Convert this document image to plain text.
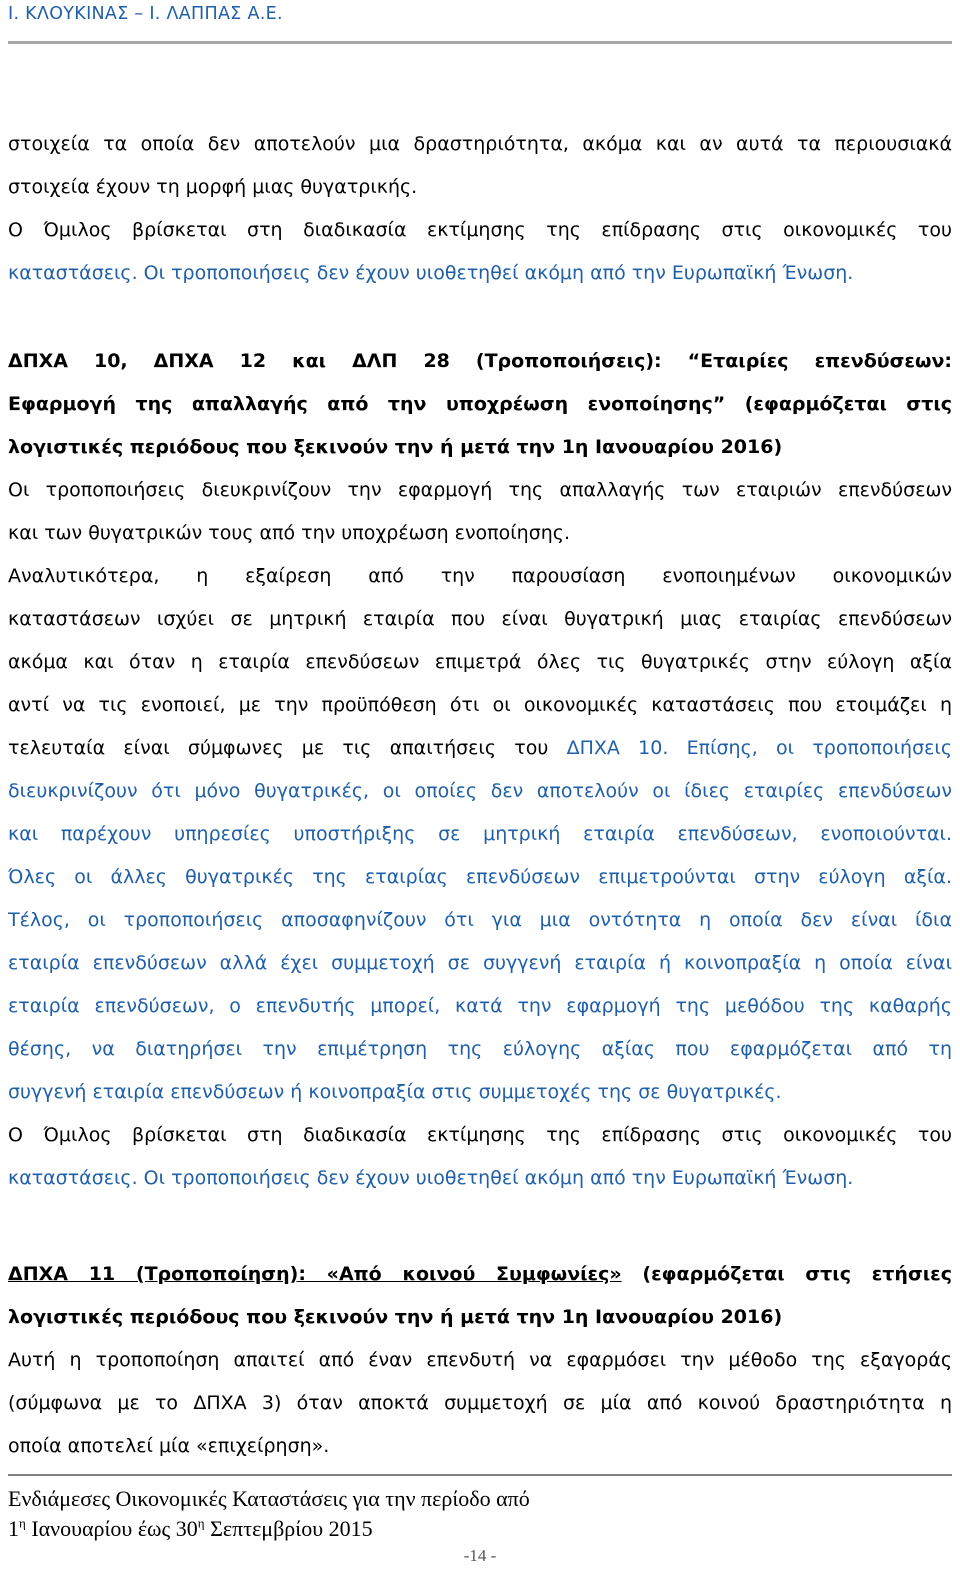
Ι. ΚΛΟΥΚΙΝΑΣ – Ι. ΛΑΠΠΑΣ Α.Ε.
στοιχεία τα οποία δεν αποτελούν μια δραστηριότητα, ακόμα και αν αυτά τα περιουσιακά
στοιχεία έχουν τη μορφή μιας θυγατρικής.
Ο Όμιλος βρίσκεται στη διαδικασία εκτίμησης της επίδρασης στις οικονομικές του
καταστάσεις. Οι τροποποιήσεις δεν έχουν υιοθετηθεί ακόμη από την Ευρωπαϊκή Ένωση.
ΔΠΧΑ 10, ΔΠΧΑ 12 και ΔΛΠ 28 (Τροποποιήσεις): “Εταιρίες επενδύσεων:
Εφαρμογή της απαλλαγής από την υποχρέωση ενοποίησης” (εφαρμόζεται στις
λογιστικές περιόδους που ξεκινούν την ή μετά την 1η Ιανουαρίου 2016)
Οι τροποποιήσεις διευκρινίζουν την εφαρμογή της απαλλαγής των εταιριών επενδύσεων
και των θυγατρικών τους από την υποχρέωση ενοποίησης.
Αναλυτικότερα, η εξαίρεση από την παρουσίαση ενοποιημένων οικονομικών
καταστάσεων ισχύει σε μητρική εταιρία που είναι θυγατρική μιας εταιρίας επενδύσεων
ακόμα και όταν η εταιρία επενδύσεων επιμετρά όλες τις θυγατρικές στην εύλογη αξία
αντί να τις ενοποιεί, με την προϋπόθεση ότι οι οικονομικές καταστάσεις που ετοιμάζει η
τελευταία είναι σύμφωνες με τις απαιτήσεις του ΔΠΧΑ 10. Επίσης, οι τροποποιήσεις
διευκρινίζουν ότι μόνο θυγατρικές, οι οποίες δεν αποτελούν οι ίδιες εταιρίες επενδύσεων
και παρέχουν υπηρεσίες υποστήριξης σε μητρική εταιρία επενδύσεων, ενοποιούνται.
Όλες οι άλλες θυγατρικές της εταιρίας επενδύσεων επιμετρούνται στην εύλογη αξία.
Τέλος, οι τροποποιήσεις αποσαφηνίζουν ότι για μια οντότητα η οποία δεν είναι ίδια
εταιρία επενδύσεων αλλά έχει συμμετοχή σε συγγενή εταιρία ή κοινοπραξία η οποία είναι
εταιρία επενδύσεων, ο επενδυτής μπορεί, κατά την εφαρμογή της μεθόδου της καθαρής
θέσης, να διατηρήσει την επιμέτρηση της εύλογης αξίας που εφαρμόζεται από τη
συγγενή εταιρία επενδύσεων ή κοινοπραξία στις συμμετοχές της σε θυγατρικές.
Ο Όμιλος βρίσκεται στη διαδικασία εκτίμησης της επίδρασης στις οικονομικές του
καταστάσεις. Οι τροποποιήσεις δεν έχουν υιοθετηθεί ακόμη από την Ευρωπαϊκή Ένωση.
ΔΠΧΑ 11 (Τροποποίηση): «Από κοινού Συμφωνίες» (εφαρμόζεται στις ετήσιες
λογιστικές περιόδους που ξεκινούν την ή μετά την 1η Ιανουαρίου 2016)
Αυτή η τροποποίηση απαιτεί από έναν επενδυτή να εφαρμόσει την μέθοδο της εξαγοράς
(σύμφωνα με το ΔΠΧΑ 3) όταν αποκτά συμμετοχή σε μία από κοινού δραστηριότητα η
οποία αποτελεί μία «επιχείρηση».
Ενδιάμεσες Οικονομικές Καταστάσεις για την περίοδο από
$1^\eta$ Ιανουαρίου έως $30^\eta$ Σεπτεμβρίου 2015
-14 -
